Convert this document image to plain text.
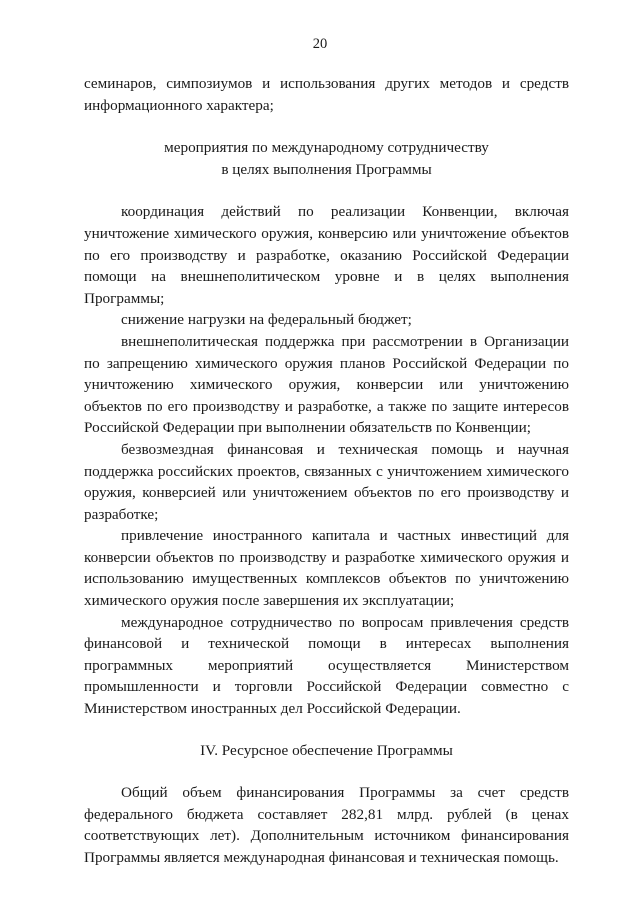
20

семинаров, симпозиумов и использования других методов и средств информационного характера;

мероприятия по международному сотрудничеству

в целях выполнения Программы

координация действий по реализации Конвенции, включая уничтожение химического оружия, конверсию или уничтожение объектов по его производству и разработке, оказанию Российской Федерации помощи на внешнеполитическом уровне и в целях выполнения Программы;

снижение нагрузки на федеральный бюджет;

внешнеполитическая поддержка при рассмотрении в Организации по запрещению химического оружия планов Российской Федерации по уничтожению химического оружия, конверсии или уничтожению объектов по его производству и разработке, а также по защите интересов Российской Федерации при выполнении обязательств по Конвенции;

безвозмездная финансовая и техническая помощь и научная поддержка российских проектов, связанных с уничтожением химического оружия, конверсией или уничтожением объектов по его производству и разработке;

привлечение иностранного капитала и частных инвестиций для конверсии объектов по производству и разработке химического оружия и использованию имущественных комплексов объектов по уничтожению химического оружия после завершения их эксплуатации;

международное сотрудничество по вопросам привлечения средств финансовой и технической помощи в интересах выполнения программных мероприятий осуществляется Министерством промышленности и торговли Российской Федерации совместно с Министерством иностранных дел Российской Федерации.

IV. Ресурсное обеспечение Программы

Общий объем финансирования Программы за счет средств федерального бюджета составляет 282,81 млрд. рублей (в ценах соответствующих лет). Дополнительным источником финансирования Программы является международная финансовая и техническая помощь.
